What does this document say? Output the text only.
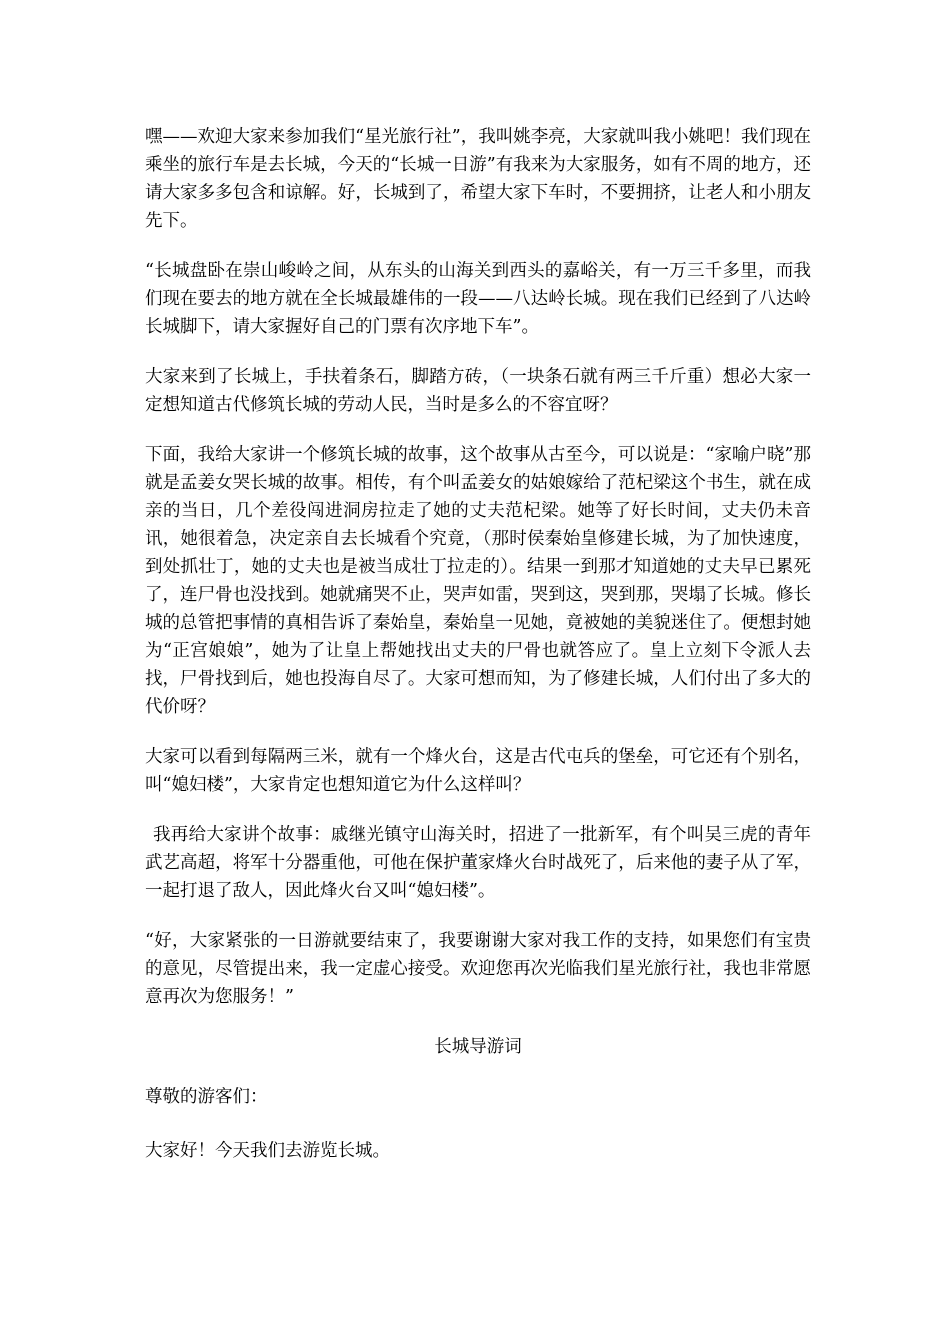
嘿——欢迎大家来参加我们“星光旅行社”，我叫姚李亮，大家就叫我小姚吧！我们现在乘坐的旅行车是去长城，今天的“长城一日游”有我来为大家服务，如有不周的地方，还请大家多多包含和谅解。好，长城到了，希望大家下车时，不要拥挤，让老人和小朋友先下。

“长城盘卧在崇山峻岭之间，从东头的山海关到西头的嘉峪关，有一万三千多里，而我们现在要去的地方就在全长城最雄伟的一段——八达岭长城。现在我们已经到了八达岭长城脚下，请大家握好自己的门票有次序地下车”。

大家来到了长城上，手扶着条石，脚踏方砖，（一块条石就有两三千斤重）想必大家一定想知道古代修筑长城的劳动人民，当时是多么的不容宜呀？

下面，我给大家讲一个修筑长城的故事，这个故事从古至今，可以说是：“家喻户晓”那就是孟姜女哭长城的故事。相传，有个叫孟姜女的姑娘嫁给了范杞梁这个书生，就在成亲的当日，几个差役闯进洞房拉走了她的丈夫范杞梁。她等了好长时间，丈夫仍未音讯，她很着急，决定亲自去长城看个究竟，（那时侯秦始皇修建长城，为了加快速度，到处抓壮丁，她的丈夫也是被当成壮丁拉走的）。结果一到那才知道她的丈夫早已累死了，连尸骨也没找到。她就痛哭不止，哭声如雷，哭到这，哭到那，哭塌了长城。修长城的总管把事情的真相告诉了秦始皇，秦始皇一见她，竟被她的美貌迷住了。便想封她为“正宫娘娘”，她为了让皇上帮她找出丈夫的尸骨也就答应了。皇上立刻下令派人去找，尸骨找到后，她也投海自尽了。大家可想而知，为了修建长城，人们付出了多大的代价呀？

大家可以看到每隔两三米，就有一个烽火台，这是古代屯兵的堡垒，可它还有个别名，叫“媳妇楼”，大家肯定也想知道它为什么这样叫？

我再给大家讲个故事：戚继光镇守山海关时，招进了一批新军，有个叫吴三虎的青年武艺高超，将军十分器重他，可他在保护董家烽火台时战死了，后来他的妻子从了军，一起打退了敌人，因此烽火台又叫“媳妇楼”。

“好，大家紧张的一日游就要结束了，我要谢谢大家对我工作的支持，如果您们有宝贵的意见，尽管提出来，我一定虚心接受。欢迎您再次光临我们星光旅行社，我也非常愿意再次为您服务！”

长城导游词

尊敬的游客们：

大家好！今天我们去游览长城。
